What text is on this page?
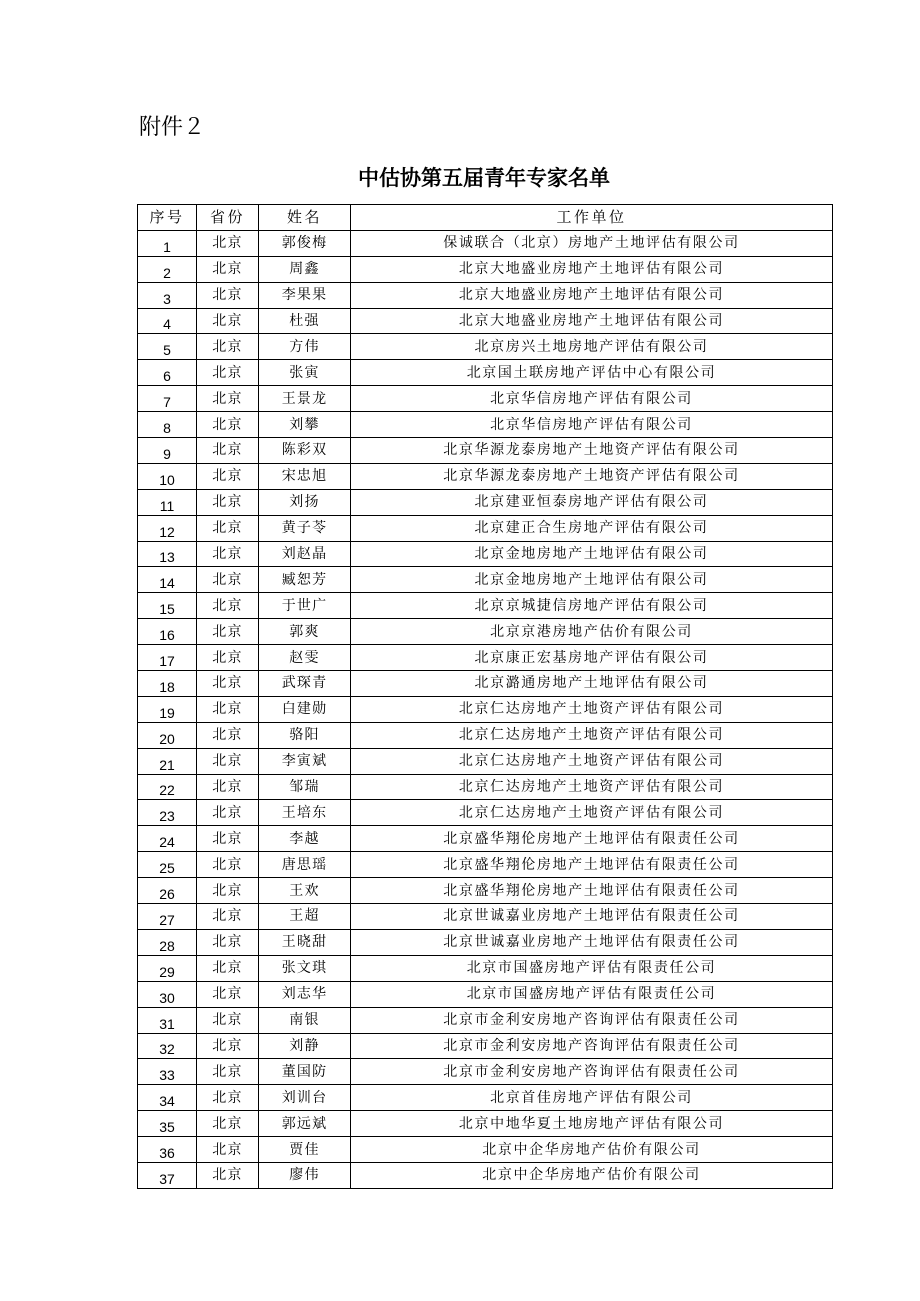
附件２
中估协第五届青年专家名单
序号	省份	姓名	工作单位
1	北京	郭俊梅	保诚联合（北京）房地产土地评估有限公司
2	北京	周鑫	北京大地盛业房地产土地评估有限公司
3	北京	李果果	北京大地盛业房地产土地评估有限公司
4	北京	杜强	北京大地盛业房地产土地评估有限公司
5	北京	方伟	北京房兴土地房地产评估有限公司
6	北京	张寅	北京国土联房地产评估中心有限公司
7	北京	王景龙	北京华信房地产评估有限公司
8	北京	刘攀	北京华信房地产评估有限公司
9	北京	陈彩双	北京华源龙泰房地产土地资产评估有限公司
10	北京	宋忠旭	北京华源龙泰房地产土地资产评估有限公司
11	北京	刘扬	北京建亚恒泰房地产评估有限公司
12	北京	黄子苓	北京建正合生房地产评估有限公司
13	北京	刘赵晶	北京金地房地产土地评估有限公司
14	北京	臧恕芳	北京金地房地产土地评估有限公司
15	北京	于世广	北京京城捷信房地产评估有限公司
16	北京	郭爽	北京京港房地产估价有限公司
17	北京	赵雯	北京康正宏基房地产评估有限公司
18	北京	武琛青	北京潞通房地产土地评估有限公司
19	北京	白建勋	北京仁达房地产土地资产评估有限公司
20	北京	骆阳	北京仁达房地产土地资产评估有限公司
21	北京	李寅斌	北京仁达房地产土地资产评估有限公司
22	北京	邹瑞	北京仁达房地产土地资产评估有限公司
23	北京	王培东	北京仁达房地产土地资产评估有限公司
24	北京	李越	北京盛华翔伦房地产土地评估有限责任公司
25	北京	唐思瑶	北京盛华翔伦房地产土地评估有限责任公司
26	北京	王欢	北京盛华翔伦房地产土地评估有限责任公司
27	北京	王超	北京世诚嘉业房地产土地评估有限责任公司
28	北京	王晓甜	北京世诚嘉业房地产土地评估有限责任公司
29	北京	张文琪	北京市国盛房地产评估有限责任公司
30	北京	刘志华	北京市国盛房地产评估有限责任公司
31	北京	南银	北京市金利安房地产咨询评估有限责任公司
32	北京	刘静	北京市金利安房地产咨询评估有限责任公司
33	北京	董国防	北京市金利安房地产咨询评估有限责任公司
34	北京	刘训台	北京首佳房地产评估有限公司
35	北京	郭远斌	北京中地华夏土地房地产评估有限公司
36	北京	贾佳	北京中企华房地产估价有限公司
37	北京	廖伟	北京中企华房地产估价有限公司
